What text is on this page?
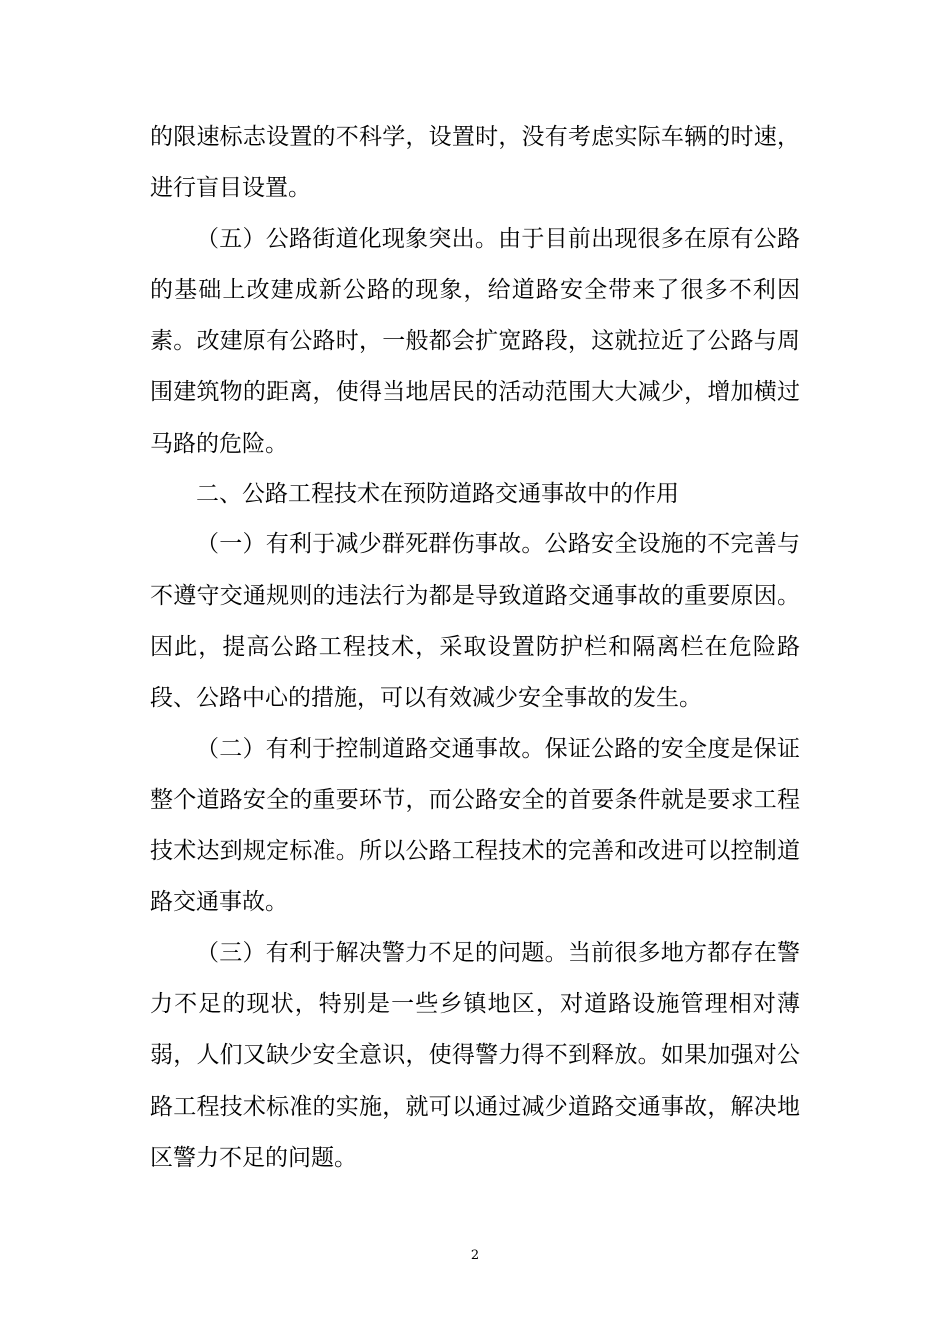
的限速标志设置的不科学，设置时，没有考虑实际车辆的时速，进行盲目设置。

（五）公路街道化现象突出。由于目前出现很多在原有公路的基础上改建成新公路的现象，给道路安全带来了很多不利因素。改建原有公路时，一般都会扩宽路段，这就拉近了公路与周围建筑物的距离，使得当地居民的活动范围大大减少，增加横过马路的危险。

二、公路工程技术在预防道路交通事故中的作用

（一）有利于减少群死群伤事故。公路安全设施的不完善与不遵守交通规则的违法行为都是导致道路交通事故的重要原因。因此，提高公路工程技术，采取设置防护栏和隔离栏在危险路段、公路中心的措施，可以有效减少安全事故的发生。

（二）有利于控制道路交通事故。保证公路的安全度是保证整个道路安全的重要环节，而公路安全的首要条件就是要求工程技术达到规定标准。所以公路工程技术的完善和改进可以控制道路交通事故。

（三）有利于解决警力不足的问题。当前很多地方都存在警力不足的现状，特别是一些乡镇地区，对道路设施管理相对薄弱，人们又缺少安全意识，使得警力得不到释放。如果加强对公路工程技术标准的实施，就可以通过减少道路交通事故，解决地区警力不足的问题。

2
